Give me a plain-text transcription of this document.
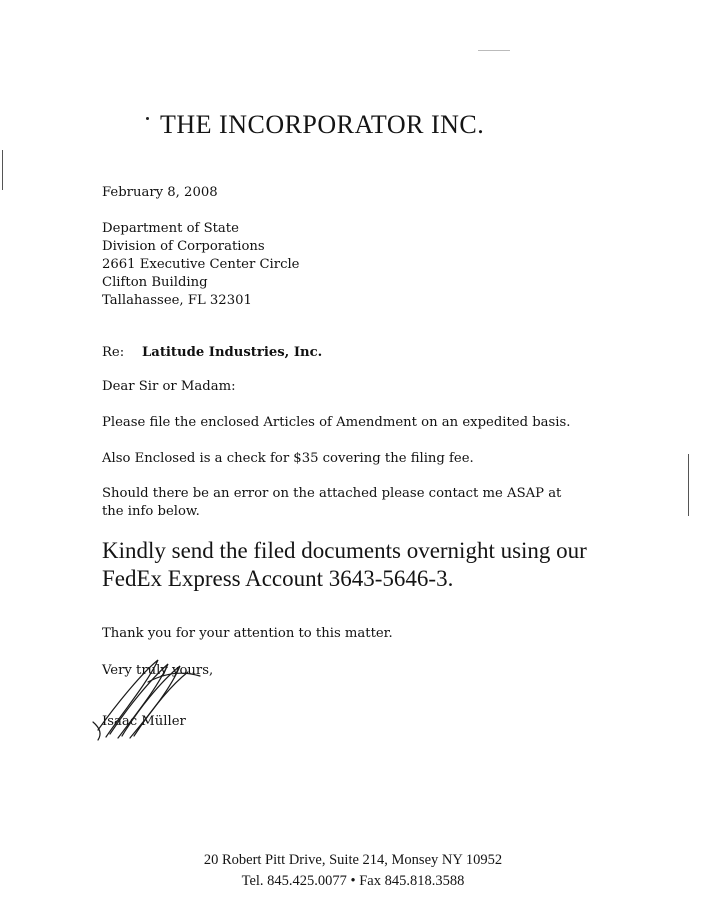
THE INCORPORATOR INC.
February 8, 2008
Department of State
Division of Corporations
2661 Executive Center Circle
Clifton Building
Tallahassee, FL 32301
Re: Latitude Industries, Inc.
Dear Sir or Madam:
Please file the enclosed Articles of Amendment on an expedited basis.
Also Enclosed is a check for $35 covering the filing fee.
Should there be an error on the attached please contact me ASAP at
the info below.
Kindly send the filed documents overnight using our
FedEx Express Account 3643-5646-3.
Thank you for your attention to this matter.
Very truly yours,
Isaac Müller
20 Robert Pitt Drive, Suite 214, Monsey NY 10952
Tel. 845.425.0077 • Fax 845.818.3588
